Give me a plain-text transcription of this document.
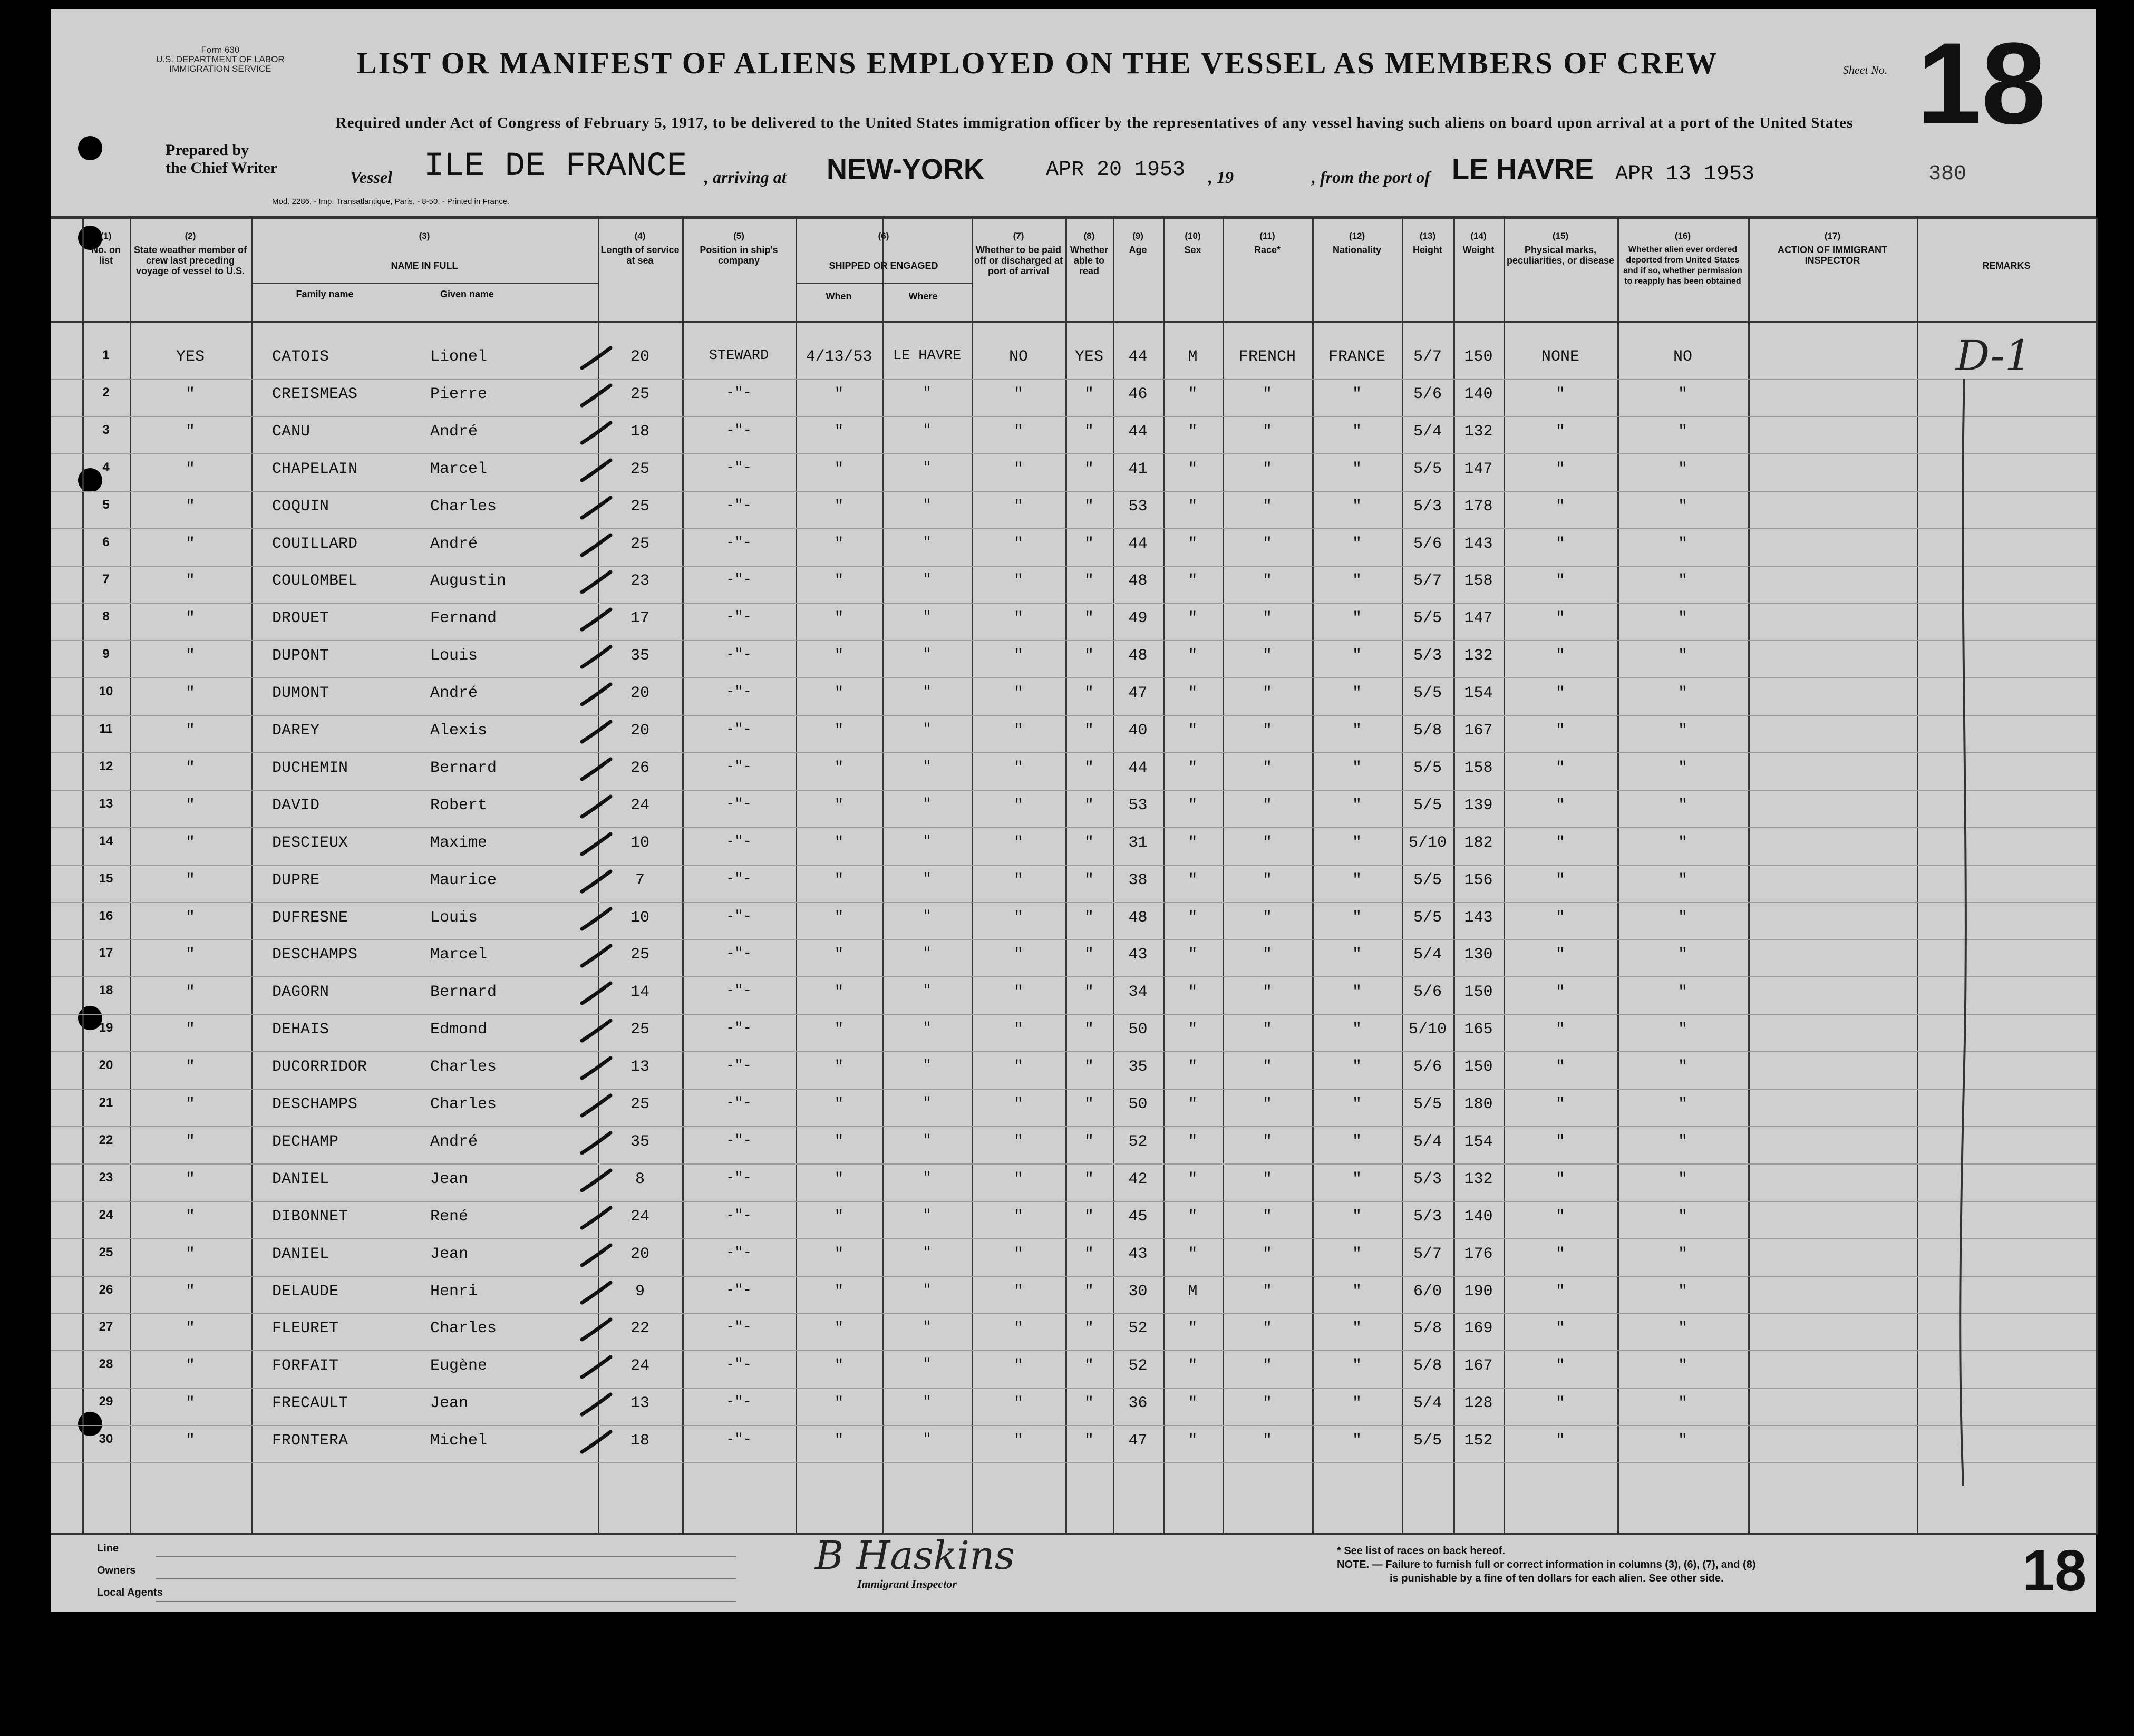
Form 630
U.S. DEPARTMENT OF LABOR
IMMIGRATION SERVICE	LIST OR MANIFEST OF ALIENS EMPLOYED ON THE VESSEL AS MEMBERS OF CREW	Sheet No. 18
Required under Act of Congress of February 5, 1917, to be delivered to the United States immigration officer by the representatives of any vessel having such aliens on board upon arrival at a port of the United States
Prepared by
the Chief Writer	Vessel ILE DE FRANCE , arriving at NEW-YORK	APR 20 1953 , 19	, from the port of LE HAVRE APR 13 1953	380
Mod. 2286. - Imp. Transatlantique, Paris. - 8-50. - Printed in France.
(1)
No. on list
(2)
State weather member of crew last preceding voyage of vessel to U.S.
(3)
NAME IN FULL
(4)
Length of service at sea
(5)
Position in ship's company
(6)
SHIPPED OR ENGAGED
(7)
Whether to be paid off or discharged at port of arrival
(8)
Whether able to read
(9)
Age
(10)
Sex
(11)
Race*
(12)
Nationality
(13)
Height
(14)
Weight
(15)
Physical marks, peculiarities, or disease
(16)
Whether alien ever ordered deported from United States and if so, whether permission to reapply has been obtained
(17)
ACTION OF IMMIGRANT INSPECTOR	REMARKS
Family name	Given name	When	Where
1	YES	CATOIS	Lionel	20	STEWARD	4/13/53	LE HAVRE	NO	YES	44	M	FRENCH	FRANCE	5/7	150	NONE	NO
2	"	CREISMEAS	Pierre	25	-"-	"	"	"	"	46	"	"	"	5/6	140	"	"
3	"	CANU	André	18	-"-	"	"	"	"	44	"	"	"	5/4	132	"	"
4	"	CHAPELAIN	Marcel	25	-"-	"	"	"	"	41	"	"	"	5/5	147	"	"
5	"	COQUIN	Charles	25	-"-	"	"	"	"	53	"	"	"	5/3	178	"	"
6	"	COUILLARD	André	25	-"-	"	"	"	"	44	"	"	"	5/6	143	"	"
7	"	COULOMBEL	Augustin	23	-"-	"	"	"	"	48	"	"	"	5/7	158	"	"
8	"	DROUET	Fernand	17	-"-	"	"	"	"	49	"	"	"	5/5	147	"	"
9	"	DUPONT	Louis	35	-"-	"	"	"	"	48	"	"	"	5/3	132	"	"
10	"	DUMONT	André	20	-"-	"	"	"	"	47	"	"	"	5/5	154	"	"
11	"	DAREY	Alexis	20	-"-	"	"	"	"	40	"	"	"	5/8	167	"	"
12	"	DUCHEMIN	Bernard	26	-"-	"	"	"	"	44	"	"	"	5/5	158	"	"
13	"	DAVID	Robert	24	-"-	"	"	"	"	53	"	"	"	5/5	139	"	"
14	"	DESCIEUX	Maxime	10	-"-	"	"	"	"	31	"	"	"	5/10	182	"	"
15	"	DUPRE	Maurice	7	-"-	"	"	"	"	38	"	"	"	5/5	156	"	"
16	"	DUFRESNE	Louis	10	-"-	"	"	"	"	48	"	"	"	5/5	143	"	"
17	"	DESCHAMPS	Marcel	25	-"-	"	"	"	"	43	"	"	"	5/4	130	"	"
18	"	DAGORN	Bernard	14	-"-	"	"	"	"	34	"	"	"	5/6	150	"	"
19	"	DEHAIS	Edmond	25	-"-	"	"	"	"	50	"	"	"	5/10	165	"	"
20	"	DUCORRIDOR	Charles	13	-"-	"	"	"	"	35	"	"	"	5/6	150	"	"
21	"	DESCHAMPS	Charles	25	-"-	"	"	"	"	50	"	"	"	5/5	180	"	"
22	"	DECHAMP	André	35	-"-	"	"	"	"	52	"	"	"	5/4	154	"	"
23	"	DANIEL	Jean	8	-"-	"	"	"	"	42	"	"	"	5/3	132	"	"
24	"	DIBONNET	René	24	-"-	"	"	"	"	45	"	"	"	5/3	140	"	"
25	"	DANIEL	Jean	20	-"-	"	"	"	"	43	"	"	"	5/7	176	"	"
26	"	DELAUDE	Henri	9	-"-	"	"	"	"	30	M	"	"	6/0	190	"	"
27	"	FLEURET	Charles	22	-"-	"	"	"	"	52	"	"	"	5/8	169	"	"
28	"	FORFAIT	Eugène	24	-"-	"	"	"	"	52	"	"	"	5/8	167	"	"
29	"	FRECAULT	Jean	13	-"-	"	"	"	"	36	"	"	"	5/4	128	"	"
30	"	FRONTERA	Michel	18	-"-	"	"	"	"	47	"	"	"	5/5	152	"	"
D-1
Line
Owners
Local Agents
B Haskins
Immigrant Inspector
* See list of races on back hereof.
NOTE. — Failure to furnish full or correct information in columns (3), (6), (7), and (8)
is punishable by a fine of ten dollars for each alien. See other side.	18
